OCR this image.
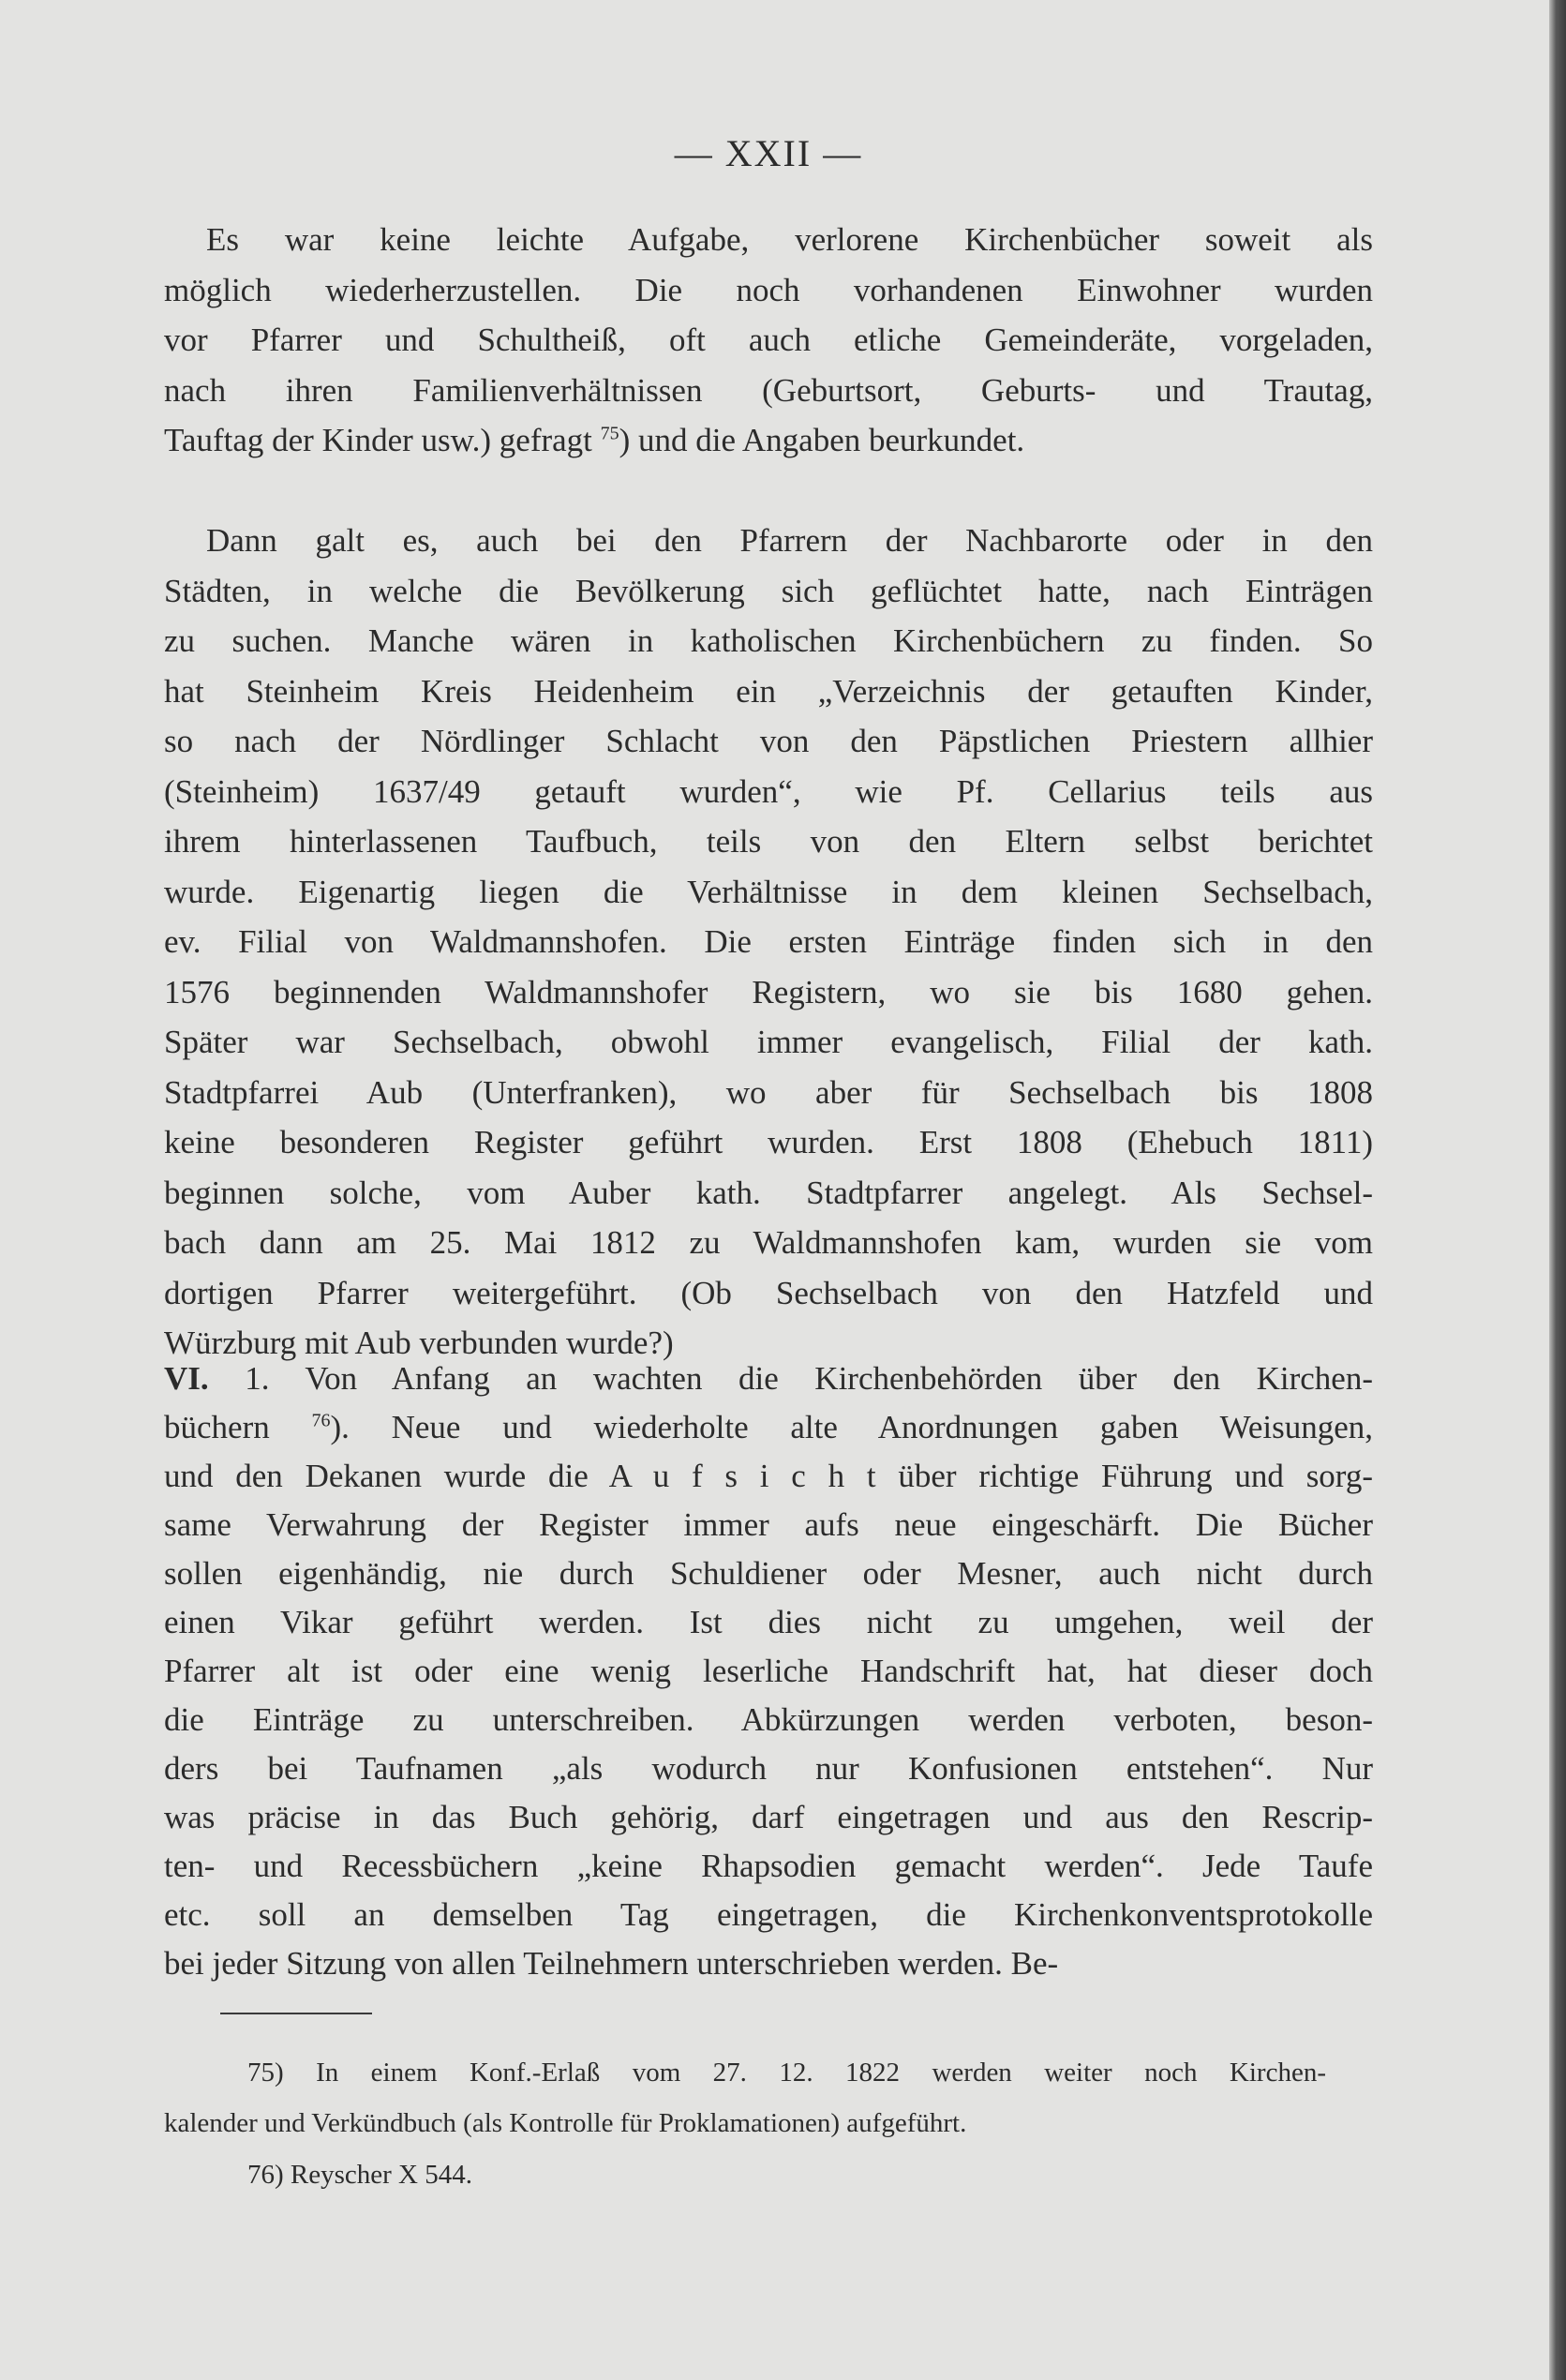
— XXII —
Es war keine leichte Aufgabe, verlorene Kirchenbücher soweit als
möglich wiederherzustellen. Die noch vorhandenen Einwohner wurden
vor Pfarrer und Schultheiß, oft auch etliche Gemeinderäte, vorgeladen,
nach ihren Familienverhältnissen (Geburtsort, Geburts- und Trautag,
Tauftag der Kinder usw.) gefragt $^{75}$) und die Angaben beurkundet.
Dann galt es, auch bei den Pfarrern der Nachbarorte oder in den
Städten, in welche die Bevölkerung sich geflüchtet hatte, nach Einträgen
zu suchen. Manche wären in katholischen Kirchenbüchern zu finden. So
hat Steinheim Kreis Heidenheim ein „Verzeichnis der getauften Kinder,
so nach der Nördlinger Schlacht von den Päpstlichen Priestern allhier
(Steinheim) 1637/49 getauft wurden“, wie Pf. Cellarius teils aus
ihrem hinterlassenen Taufbuch, teils von den Eltern selbst berichtet
wurde. Eigenartig liegen die Verhältnisse in dem kleinen Sechselbach,
ev. Filial von Waldmannshofen. Die ersten Einträge finden sich in den
1576 beginnenden Waldmannshofer Registern, wo sie bis 1680 gehen.
Später war Sechselbach, obwohl immer evangelisch, Filial der kath.
Stadtpfarrei Aub (Unterfranken), wo aber für Sechselbach bis 1808
keine besonderen Register geführt wurden. Erst 1808 (Ehebuch 1811)
beginnen solche, vom Auber kath. Stadtpfarrer angelegt. Als Sechsel-
bach dann am 25. Mai 1812 zu Waldmannshofen kam, wurden sie vom
dortigen Pfarrer weitergeführt. (Ob Sechselbach von den Hatzfeld und
Würzburg mit Aub verbunden wurde?)
VI. 1. Von Anfang an wachten die Kirchenbehörden über den Kirchen-
büchern $^{76}$). Neue und wiederholte alte Anordnungen gaben Weisungen,
und den Dekanen wurde die A u f s i c h t über richtige Führung und sorg-
same Verwahrung der Register immer aufs neue eingeschärft. Die Bücher
sollen eigenhändig, nie durch Schuldiener oder Mesner, auch nicht durch
einen Vikar geführt werden. Ist dies nicht zu umgehen, weil der
Pfarrer alt ist oder eine wenig leserliche Handschrift hat, hat dieser doch
die Einträge zu unterschreiben. Abkürzungen werden verboten, beson-
ders bei Taufnamen „als wodurch nur Konfusionen entstehen“. Nur
was präcise in das Buch gehörig, darf eingetragen und aus den Rescrip-
ten- und Recessbüchern „keine Rhapsodien gemacht werden“. Jede Taufe
etc. soll an demselben Tag eingetragen, die Kirchenkonventsprotokolle
bei jeder Sitzung von allen Teilnehmern unterschrieben werden. Be-
75) In einem Konf.-Erlaß vom 27. 12. 1822 werden weiter noch Kirchen-
kalender und Verkündbuch (als Kontrolle für Proklamationen) aufgeführt.
76) Reyscher X 544.
